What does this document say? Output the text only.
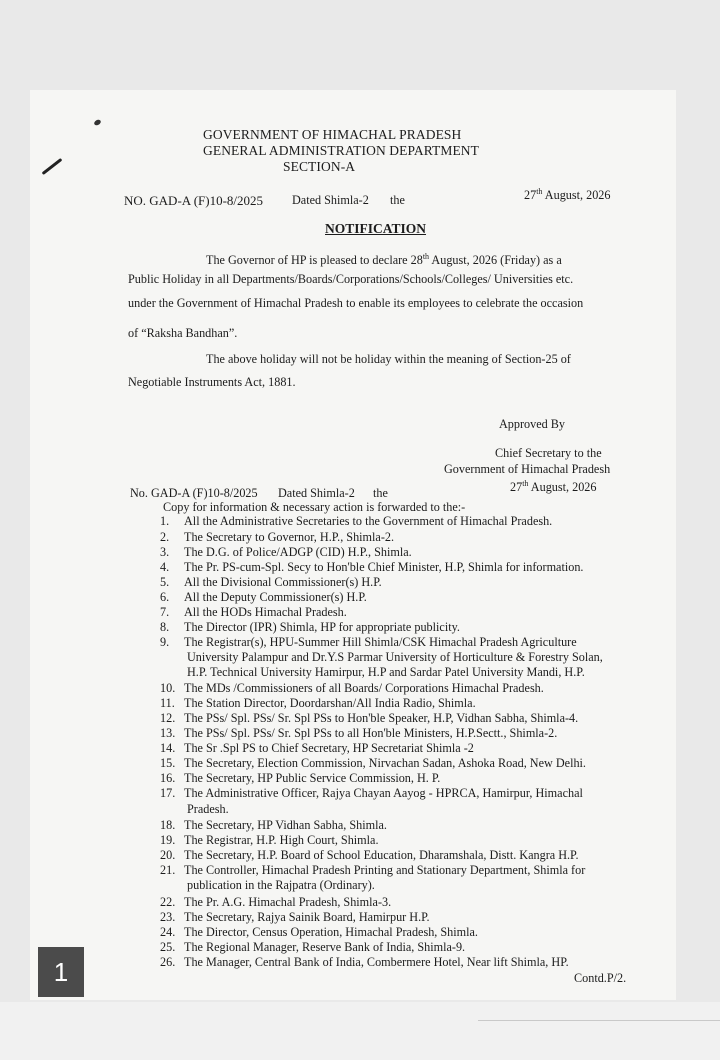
GOVERNMENT OF HIMACHAL PRADESH
GENERAL ADMINISTRATION DEPARTMENT
SECTION-A
NO. GAD-A (F)10-8/2025 Dated Shimla-2 the	27th August, 2026
NOTIFICATION
The Governor of HP is pleased to declare 28th August, 2026 (Friday) as a
Public Holiday in all Departments/Boards/Corporations/Schools/Colleges/ Universities etc.
under the Government of Himachal Pradesh to enable its employees to celebrate the occasion
of “Raksha Bandhan”.
The above holiday will not be holiday within the meaning of Section-25 of
Negotiable Instruments Act, 1881.
Approved By
Chief Secretary to the
Government of Himachal Pradesh
No. GAD-A (F)10-8/2025 Dated Shimla-2 the	27th August, 2026
Copy for information & necessary action is forwarded to the:-
1. All the Administrative Secretaries to the Government of Himachal Pradesh.
2. The Secretary to Governor, H.P., Shimla-2.
3. The D.G. of Police/ADGP (CID) H.P., Shimla.
4. The Pr. PS-cum-Spl. Secy to Hon'ble Chief Minister, H.P, Shimla for information.
5. All the Divisional Commissioner(s) H.P.
6. All the Deputy Commissioner(s) H.P.
7. All the HODs Himachal Pradesh.
8. The Director (IPR) Shimla, HP for appropriate publicity.
9. The Registrar(s), HPU-Summer Hill Shimla/CSK Himachal Pradesh Agriculture
University Palampur and Dr.Y.S Parmar University of Horticulture & Forestry Solan,
H.P. Technical University Hamirpur, H.P and Sardar Patel University Mandi, H.P.
10. The MDs /Commissioners of all Boards/ Corporations Himachal Pradesh.
11. The Station Director, Doordarshan/All India Radio, Shimla.
12. The PSs/ Spl. PSs/ Sr. Spl PSs to Hon'ble Speaker, H.P, Vidhan Sabha, Shimla-4.
13. The PSs/ Spl. PSs/ Sr. Spl PSs to all Hon'ble Ministers, H.P.Sectt., Shimla-2.
14. The Sr .Spl PS to Chief Secretary, HP Secretariat Shimla -2
15. The Secretary, Election Commission, Nirvachan Sadan, Ashoka Road, New Delhi.
16. The Secretary, HP Public Service Commission, H. P.
17. The Administrative Officer, Rajya Chayan Aayog - HPRCA, Hamirpur, Himachal
Pradesh.
18. The Secretary, HP Vidhan Sabha, Shimla.
19. The Registrar, H.P. High Court, Shimla.
20. The Secretary, H.P. Board of School Education, Dharamshala, Distt. Kangra H.P.
21. The Controller, Himachal Pradesh Printing and Stationary Department, Shimla for
publication in the Rajpatra (Ordinary).
22. The Pr. A.G. Himachal Pradesh, Shimla-3.
23. The Secretary, Rajya Sainik Board, Hamirpur H.P.
24. The Director, Census Operation, Himachal Pradesh, Shimla.
25. The Regional Manager, Reserve Bank of India, Shimla-9.
26. The Manager, Central Bank of India, Combermere Hotel, Near lift Shimla, HP.
Contd.P/2.
1
